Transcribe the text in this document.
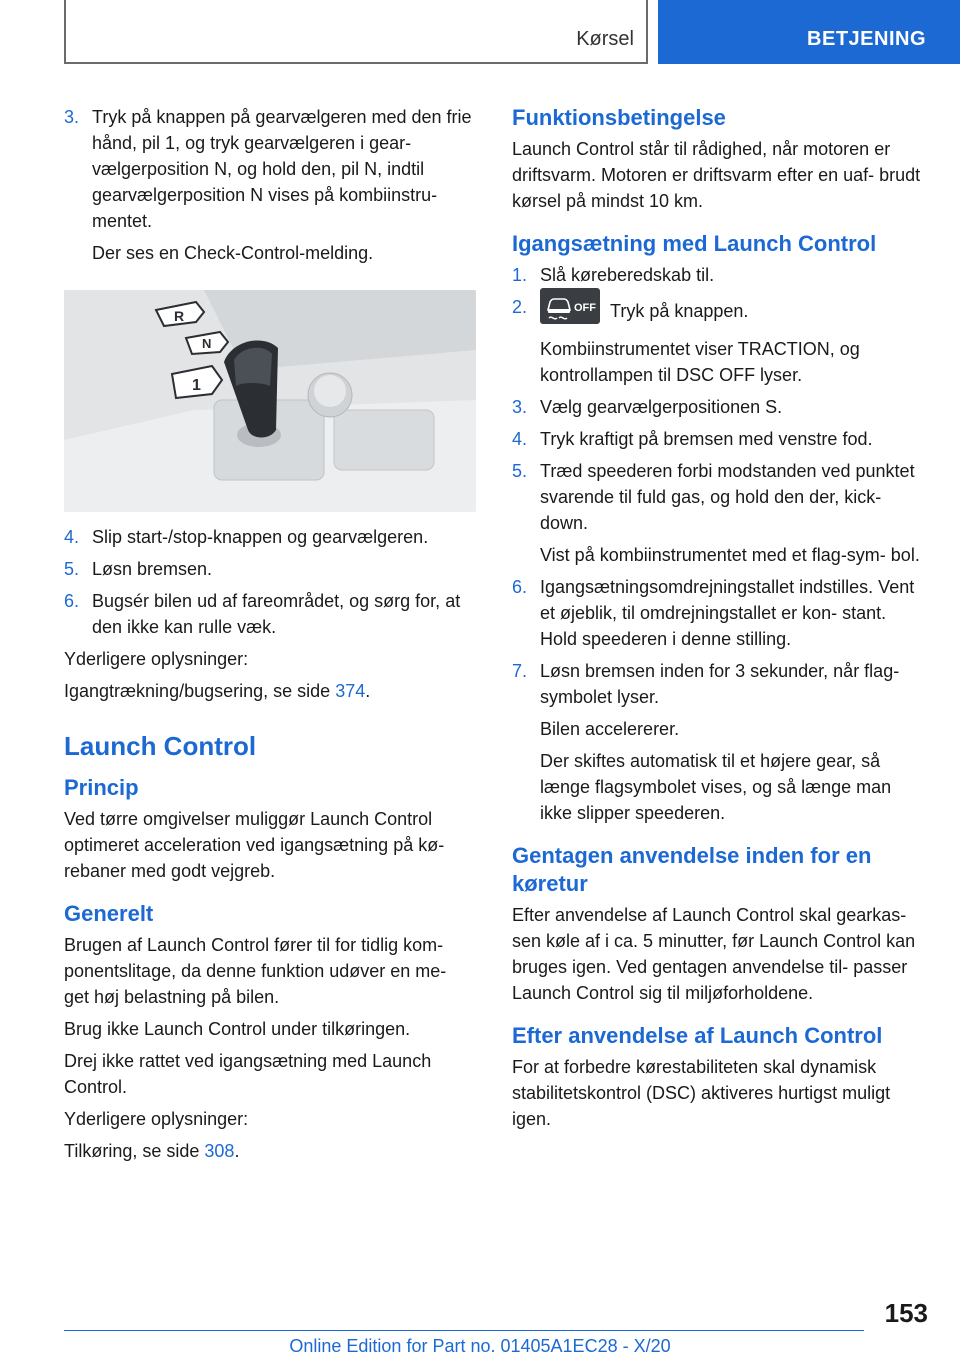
Kørsel	BETJENING
3. Tryk på knappen på gearvælgeren med den frie hånd, pil 1, og tryk gearvælgeren i gear- vælgerposition N, og hold den, pil N, indtil gearvælgerposition N vises på kombiinstru- mentet.

Der ses en Check-Control-melding.

R
N
1
4. Slip start-/stop-knappen og gearvælgeren.

5. Løsn bremsen.

6. Bugsér bilen ud af fareområdet, og sørg for, at den ikke kan rulle væk.

Yderligere oplysninger:

Igangtrækning/bugsering, se side 374.

Launch Control
Princip

Ved tørre omgivelser muliggør Launch Control optimeret acceleration ved igangsætning på kø- rebaner med godt vejgreb.

Generelt

Brugen af Launch Control fører til for tidlig kom- ponentslitage, da denne funktion udøver en me- get høj belastning på bilen.

Brug ikke Launch Control under tilkøringen.

Drej ikke rattet ved igangsætning med Launch Control.

Yderligere oplysninger:

Tilkøring, se side 308.

Funktionsbetingelse

Launch Control står til rådighed, når motoren er driftsvarm. Motoren er driftsvarm efter en uaf- brudt kørsel på mindst 10 km.

Igangsætning med Launch Control
1. Slå køreberedskab til.

2.	OFF Tryk på knappen.

Kombiinstrumentet viser TRACTION, og kontrollampen til DSC OFF lyser.

3. Vælg gearvælgerpositionen S.

4. Tryk kraftigt på bremsen med venstre fod.

5. Træd speederen forbi modstanden ved punktet svarende til fuld gas, og hold den der, kick-down.

Vist på kombiinstrumentet med et flag-sym- bol.

6. Igangsætningsomdrejningstallet indstilles. Vent et øjeblik, til omdrejningstallet er kon- stant. Hold speederen i denne stilling.

7. Løsn bremsen inden for 3 sekunder, når flag- symbolet lyser.

Bilen accelererer.

Der skiftes automatisk til et højere gear, så længe flagsymbolet vises, og så længe man ikke slipper speederen.

Gentagen anvendelse inden for en køretur

Efter anvendelse af Launch Control skal gearkas- sen køle af i ca. 5 minutter, før Launch Control kan bruges igen. Ved gentagen anvendelse til- passer Launch Control sig til miljøforholdene.

Efter anvendelse af Launch Control

For at forbedre kørestabiliteten skal dynamisk stabilitetskontrol (DSC) aktiveres hurtigst muligt igen.

153
Online Edition for Part no. 01405A1EC28 - X/20
